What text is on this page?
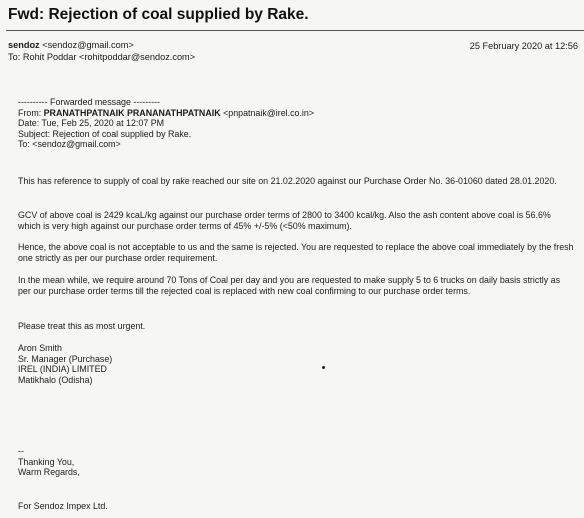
Fwd: Rejection of coal supplied by Rake.
sendoz <sendoz@gmail.com>	25 February 2020 at 12:56
To: Rohit Poddar <rohitpoddar@sendoz.com>
---------- Forwarded message ---------
From: PRANATHPATNAIK PRANANATHPATNAIK <pnpatnaik@irel.co.in>
Date: Tue, Feb 25, 2020 at 12:07 PM
Subject: Rejection of coal supplied by Rake.
To: <sendoz@gmail.com>

This has reference to supply of coal by rake reached our site on 21.02.2020 against our Purchase Order No. 36-01060 dated 28.01.2020.

GCV of above coal is 2429 kcaL/kg against our purchase order terms of 2800 to 3400 kcal/kg. Also the ash content above coal is 56.6% which is very high against our purchase order terms of 45% +/-5% (<50% maximum).

Hence, the above coal is not acceptable to us and the same is rejected. You are requested to replace the above coal immediately by the fresh one strictly as per our purchase order requirement.

In the mean while, we require around 70 Tons of Coal per day and you are requested to make supply 5 to 6 trucks on daily basis strictly as per our purchase order terms till the rejected coal is replaced with new coal confirming to our purchase order terms.

Please treat this as most urgent.

Aron Smith
Sr. Manager (Purchase)
IREL (INDIA) LIMITED
Matikhalo (Odisha)
--
Thanking You,
Warm Regards,
For Sendoz Impex Ltd.
